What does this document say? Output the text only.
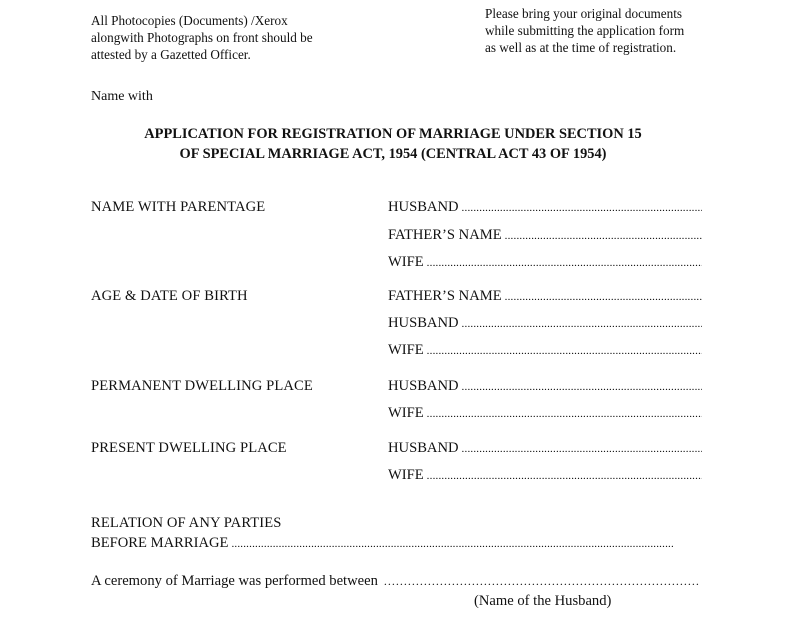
All Photocopies (Documents) /Xerox
alongwith Photographs on front should be
attested by a Gazetted Officer.
Please bring your original documents
while submitting the application form
as well as at the time of registration.
Name with
APPLICATION FOR REGISTRATION OF MARRIAGE UNDER SECTION 15
OF SPECIAL MARRIAGE ACT, 1954 (CENTRAL ACT 43 OF 1954)
NAME WITH PARENTAGE	HUSBAND
.....
FATHER’S NAME
.....
WIFE
.....
AGE & DATE OF BIRTH	FATHER’S NAME
.....
HUSBAND
.....
WIFE
.....
PERMANENT DWELLING PLACE	HUSBAND
.....
WIFE
.....
PRESENT DWELLING PLACE	HUSBAND
.....
WIFE
.....
RELATION OF ANY PARTIES
BEFORE MARRIAGE
.....
A ceremony of Marriage was performed between
.....
(Name of the Husband)
